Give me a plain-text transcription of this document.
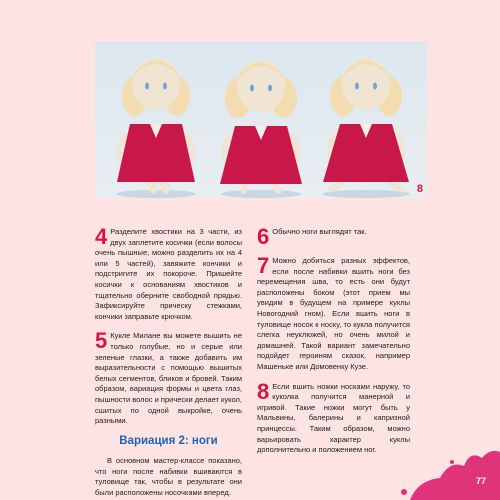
8
4 Разделите хвостики на 3 части, из двух заплетите косички (если волосы очень пышные, можно разделить их на 4 или 5 частей), завяжите кончики и подстригите их покороче. Пришейте косички к основаниям хвостиков и тщательно оберните свободной прядью. Зафиксируйте прическу стежками, кончики заправьте крючком.
5 Кукле Милане вы можете вышить не только голубые, но и серые или зеленые глазки, а также добавить им выразительности с помощью вышитых белых сегментов, бликов и бровей. Таким образом, вариация формы и цвета глаз, пышности волос и прически делает кукол, сшитых по одной выкройке, очень разными.
Вариация 2: ноги
В основном мастер-классе показано, что ноги после набивки вшиваются в туловище так, чтобы в результате они были расположены носочками вперед.
6 Обычно ноги выглядят так.
7 Можно добиться разных эффектов, если после набивки вшить ноги без перемещения шва, то есть они будут расположены боком (этот прием мы увидим в будущем на примере куклы Новогодний гном). Если вшить ноги в туловище носок к носку, то кукла получится слегка неуклюжей, но очень милой и домашней. Такой вариант замечательно подойдет героиням сказок, например Машеньке или Домовенку Кузе.
8 Если вшить ножки носками наружу, то куколка получится манерной и игривой. Такие ножки могут быть у Мальвины, балерины и капризной принцессы. Таким образом, можно варьировать характер куклы дополнительно и положением ног.
77
